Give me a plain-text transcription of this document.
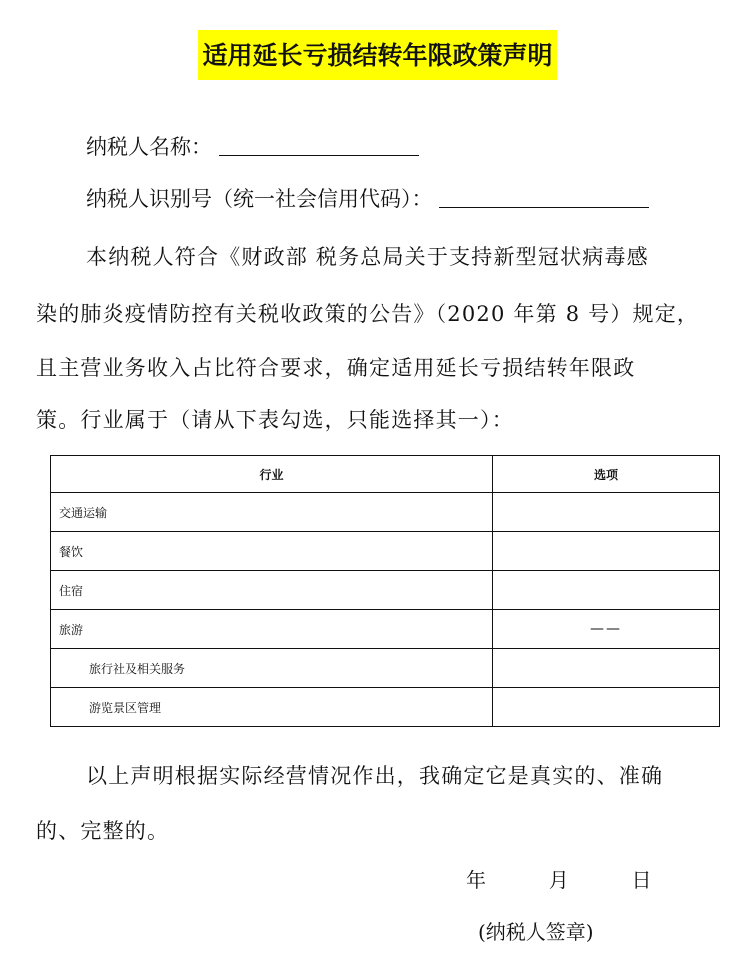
适用延长亏损结转年限政策声明
纳税人名称：
纳税人识别号（统一社会信用代码）：
本纳税人符合《财政部 税务总局关于支持新型冠状病毒感
染的肺炎疫情防控有关税收政策的公告》（2020 年第 8 号）规定，
且主营业务收入占比符合要求，确定适用延长亏损结转年限政
策。行业属于（请从下表勾选，只能选择其一）：
行业	选项
交通运输	
餐饮	
住宿	
旅游	——
旅行社及相关服务	
游览景区管理	
以上声明根据实际经营情况作出，我确定它是真实的、准确
的、完整的。
年	月	日
(纳税人签章)
